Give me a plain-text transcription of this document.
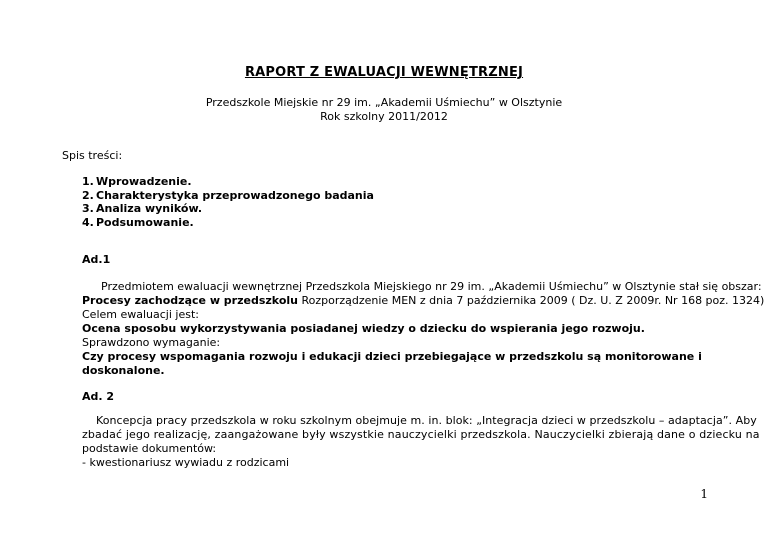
RAPORT Z EWALUACJI WEWNĘTRZNEJ
Przedszkole Miejskie nr 29 im. „Akademii Uśmiechu” w Olsztynie
Rok szkolny 2011/2012
Spis treści:
1. Wprowadzenie.
2. Charakterystyka przeprowadzonego badania
3. Analiza wyników.
4. Podsumowanie.
Ad.1
Przedmiotem ewaluacji wewnętrznej Przedszkola Miejskiego nr 29 im. „Akademii Uśmiechu” w Olsztynie stał się obszar:
Procesy zachodzące w przedszkolu Rozporządzenie MEN z dnia 7 października 2009 ( Dz. U. Z 2009r. Nr 168 poz. 1324)
Celem ewaluacji jest:
Ocena sposobu wykorzystywania posiadanej wiedzy o dziecku do wspierania jego rozwoju.
Sprawdzono wymaganie:
Czy procesy wspomagania rozwoju i edukacji dzieci przebiegające w przedszkolu są monitorowane i
doskonalone.
Ad. 2
Koncepcja pracy przedszkola w roku szkolnym obejmuje m. in. blok: „Integracja dzieci w przedszkolu – adaptacja”. Aby
zbadać jego realizację, zaangażowane były wszystkie nauczycielki przedszkola. Nauczycielki zbierają dane o dziecku na
podstawie dokumentów:
- kwestionariusz wywiadu z rodzicami
1
